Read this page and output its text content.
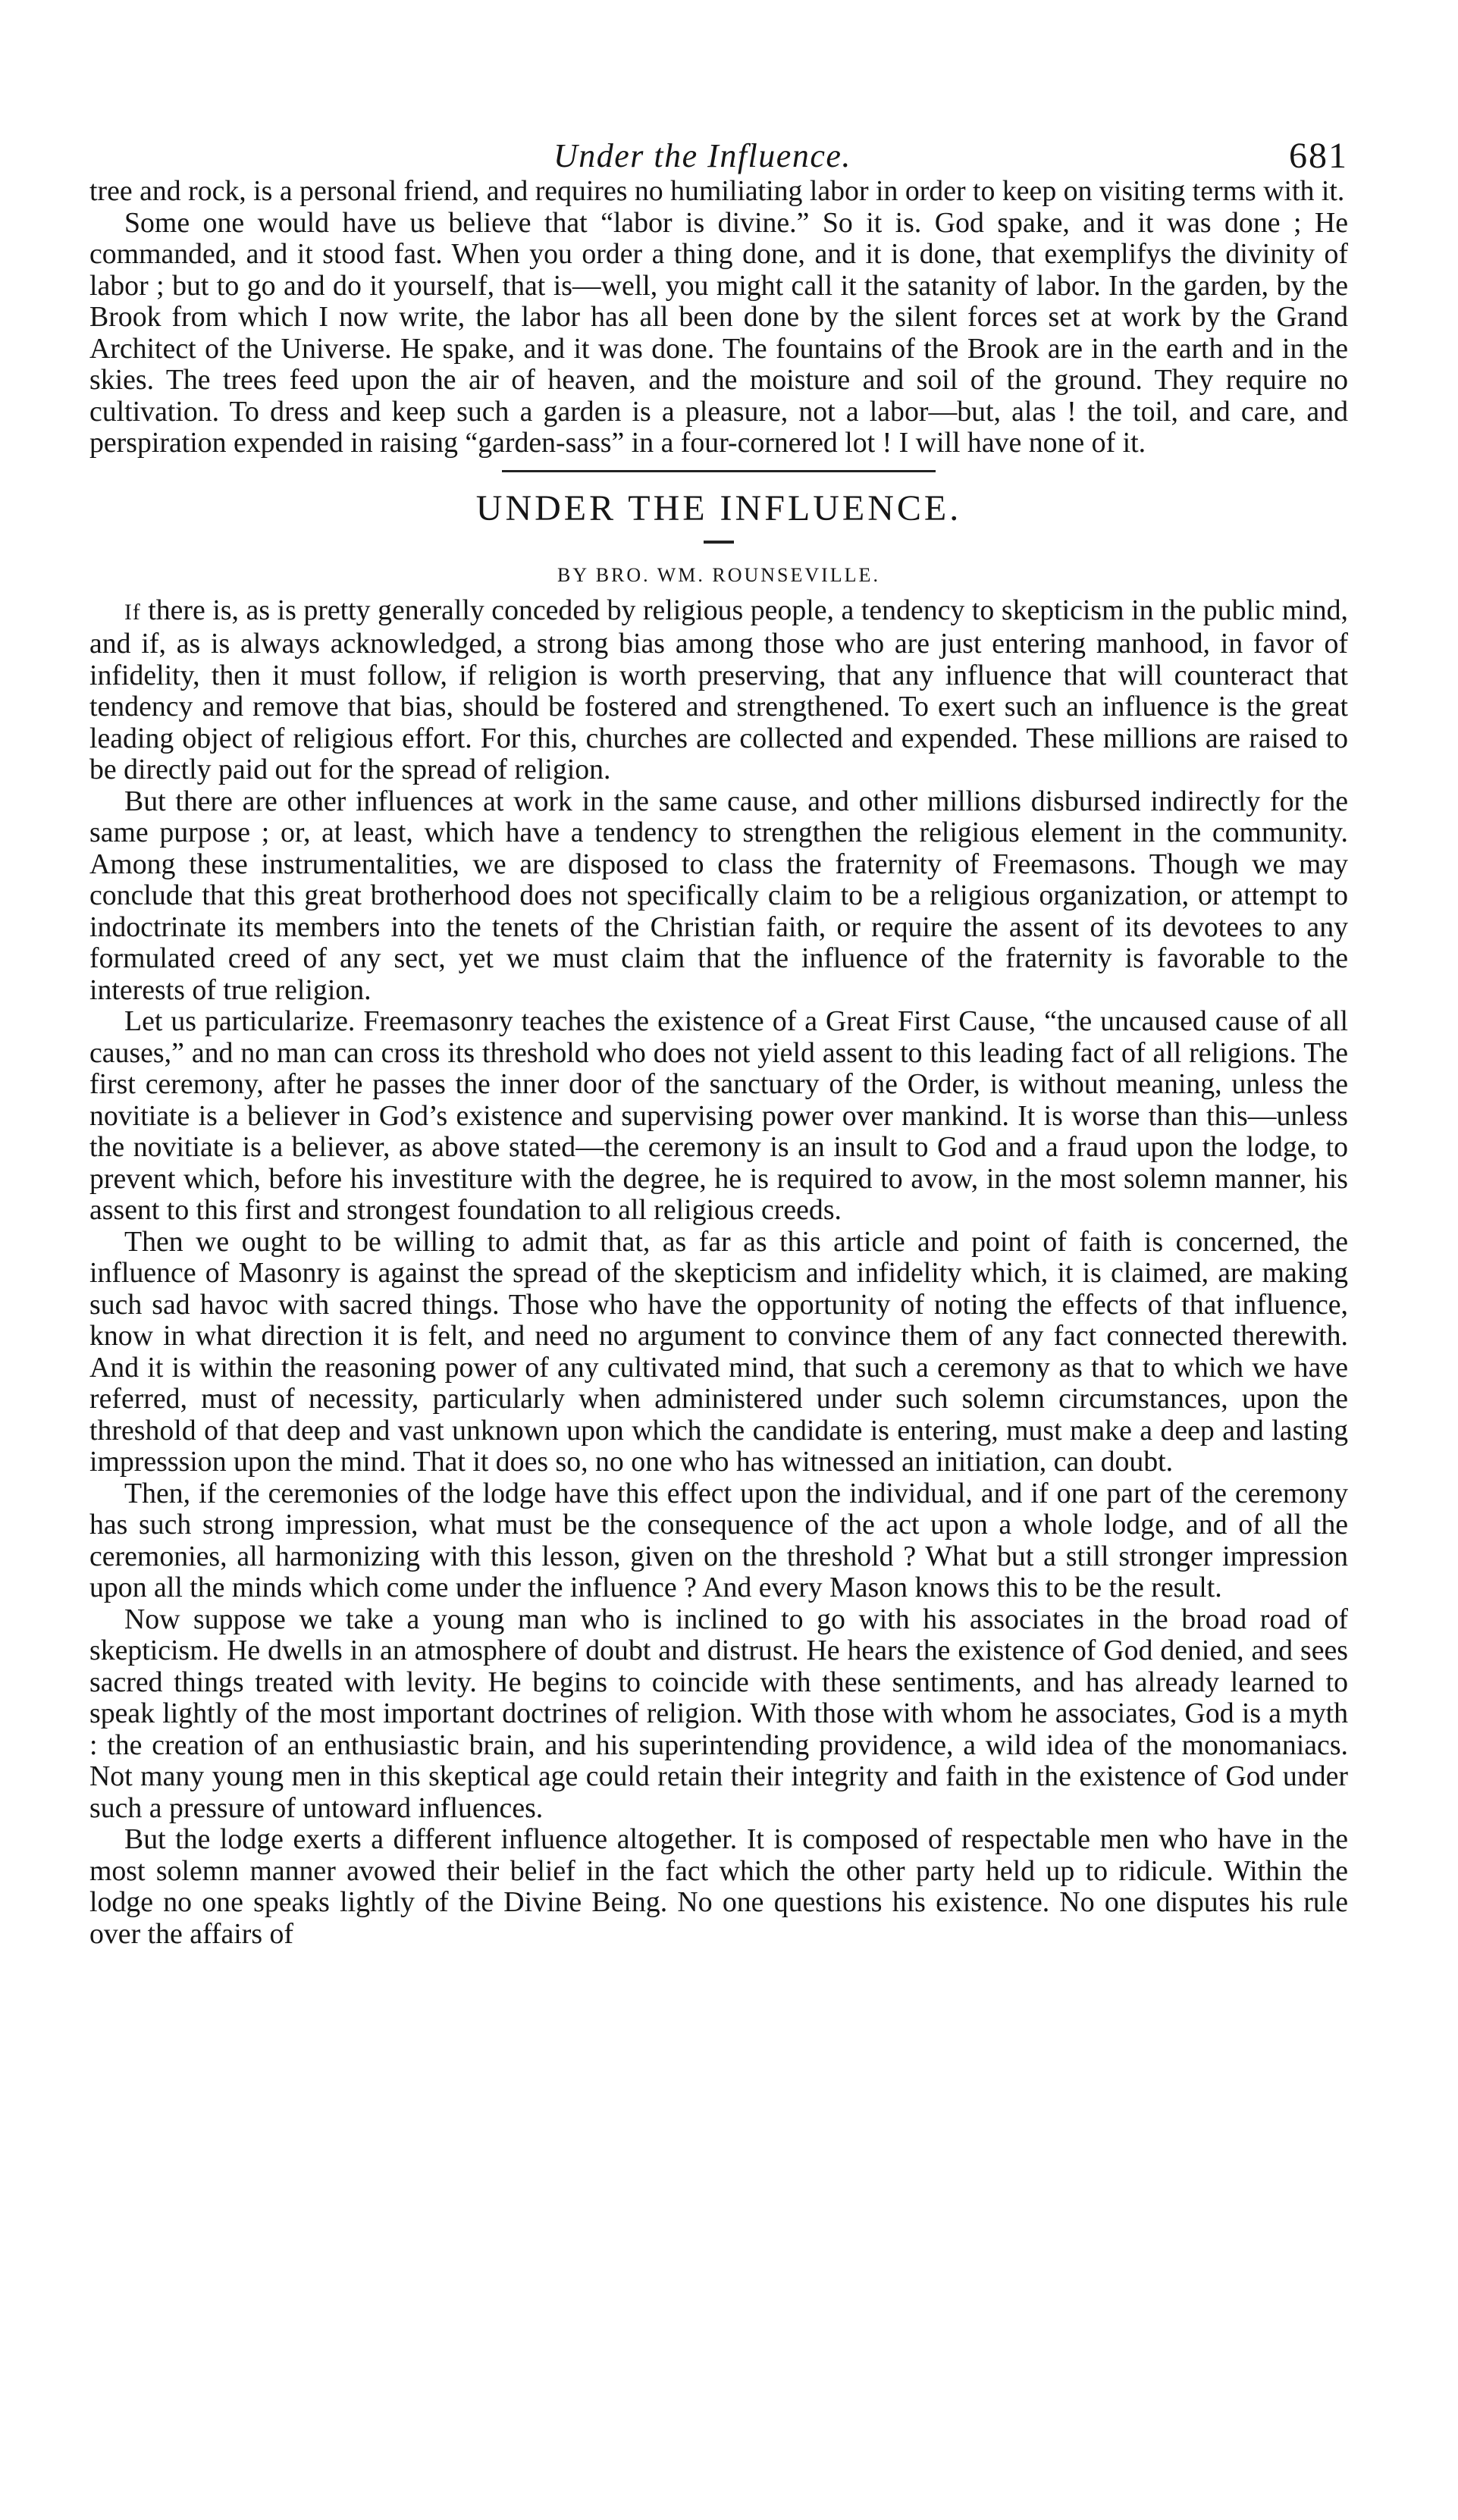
Under the Influence.	681

tree and rock, is a personal friend, and requires no humiliating labor in order to keep on visiting terms with it.

Some one would have us believe that “labor is divine.” So it is. God spake, and it was done ; He commanded, and it stood fast. When you order a thing done, and it is done, that exemplifys the divinity of labor ; but to go and do it yourself, that is—well, you might call it the satanity of labor. In the garden, by the Brook from which I now write, the labor has all been done by the silent forces set at work by the Grand Architect of the Universe. He spake, and it was done. The fountains of the Brook are in the earth and in the skies. The trees feed upon the air of heaven, and the moisture and soil of the ground. They require no cultivation. To dress and keep such a garden is a pleasure, not a labor—but, alas ! the toil, and care, and perspiration expended in raising “garden-sass” in a four-cornered lot ! I will have none of it.

UNDER THE INFLUENCE.
BY BRO. WM. ROUNSEVILLE.

If there is, as is pretty generally conceded by religious people, a tendency to skepticism in the public mind, and if, as is always acknowledged, a strong bias among those who are just entering manhood, in favor of infidelity, then it must follow, if religion is worth preserving, that any influence that will counteract that tendency and remove that bias, should be fostered and strengthened. To exert such an influence is the great leading object of religious effort. For this, churches are collected and expended. These millions are raised to be directly paid out for the spread of religion.

But there are other influences at work in the same cause, and other millions disbursed indirectly for the same purpose ; or, at least, which have a tendency to strengthen the religious element in the community. Among these instrumentalities, we are disposed to class the fraternity of Freemasons. Though we may conclude that this great brotherhood does not specifically claim to be a religious organization, or attempt to indoctrinate its members into the tenets of the Christian faith, or require the assent of its devotees to any formulated creed of any sect, yet we must claim that the influence of the fraternity is favorable to the interests of true religion.

Let us particularize. Freemasonry teaches the existence of a Great First Cause, “the uncaused cause of all causes,” and no man can cross its threshold who does not yield assent to this leading fact of all religions. The first ceremony, after he passes the inner door of the sanctuary of the Order, is without meaning, unless the novitiate is a believer in God’s existence and supervising power over mankind. It is worse than this—unless the novitiate is a believer, as above stated—the ceremony is an insult to God and a fraud upon the lodge, to prevent which, before his investiture with the degree, he is required to avow, in the most solemn manner, his assent to this first and strongest foundation to all religious creeds.

Then we ought to be willing to admit that, as far as this article and point of faith is concerned, the influence of Masonry is against the spread of the skepticism and infidelity which, it is claimed, are making such sad havoc with sacred things. Those who have the opportunity of noting the effects of that influence, know in what direction it is felt, and need no argument to convince them of any fact connected therewith. And it is within the reasoning power of any cultivated mind, that such a ceremony as that to which we have referred, must of necessity, particularly when administered under such solemn circumstances, upon the threshold of that deep and vast unknown upon which the candidate is entering, must make a deep and lasting impresssion upon the mind. That it does so, no one who has witnessed an initiation, can doubt.

Then, if the ceremonies of the lodge have this effect upon the individual, and if one part of the ceremony has such strong impression, what must be the consequence of the act upon a whole lodge, and of all the ceremonies, all harmonizing with this lesson, given on the threshold ? What but a still stronger impression upon all the minds which come under the influence ? And every Mason knows this to be the result.

Now suppose we take a young man who is inclined to go with his associates in the broad road of skepticism. He dwells in an atmosphere of doubt and distrust. He hears the existence of God denied, and sees sacred things treated with levity. He begins to coincide with these sentiments, and has already learned to speak lightly of the most important doctrines of religion. With those with whom he associates, God is a myth : the creation of an enthusiastic brain, and his superintending providence, a wild idea of the monomaniacs. Not many young men in this skeptical age could retain their integrity and faith in the existence of God under such a pressure of untoward influences.

But the lodge exerts a different influence altogether. It is composed of respectable men who have in the most solemn manner avowed their belief in the fact which the other party held up to ridicule. Within the lodge no one speaks lightly of the Divine Being. No one questions his existence. No one disputes his rule over the affairs of
